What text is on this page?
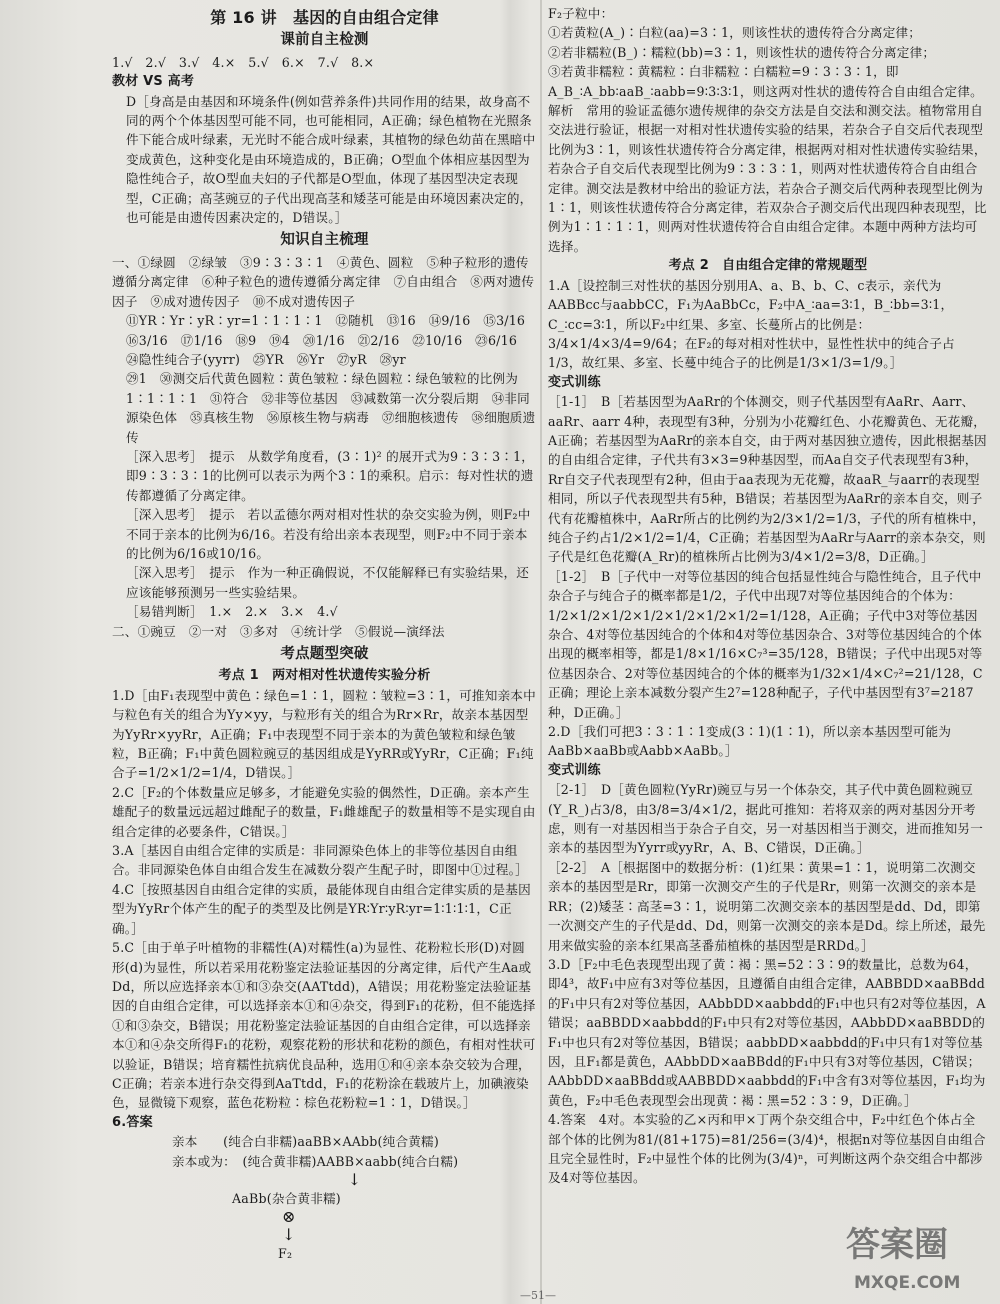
第 16 讲　基因的自由组合定律
课前自主检测

1.√　2.√　3.√　4.×　5.√　6.×　7.√　8.×

教材 VS 高考

D［身高是由基因和环境条件(例如营养条件)共同作用的结果，故身高不同的两个个体基因型可能不同，也可能相同，A正确；绿色植物在光照条件下能合成叶绿素，无光时不能合成叶绿素，其植物的绿色幼苗在黑暗中变成黄色，这种变化是由环境造成的，B正确；O型血个体相应基因型为隐性纯合子，故O型血夫妇的子代都是O型血，体现了基因型决定表现型，C正确；高茎豌豆的子代出现高茎和矮茎可能是由环境因素决定的，也可能是由遗传因素决定的，D错误。］

知识自主梳理

一、①绿圆　②绿皱　③9∶3∶3∶1　④黄色、圆粒　⑤种子粒形的遗传遵循分离定律　⑥种子粒色的遗传遵循分离定律　⑦自由组合　⑧两对遗传因子　⑨成对遗传因子　⑩不成对遗传因子

⑪YR∶Yr∶yR∶yr=1∶1∶1∶1　⑫随机　⑬16　⑭9/16　⑮3/16

⑯3/16　⑰1/16　⑱9　⑲4　⑳1/16　㉑2/16　㉒10/16　㉓6/16

㉔隐性纯合子(yyrr)　㉕YR　㉖Yr　㉗yR　㉘yr

㉙1　㉚测交后代黄色圆粒∶黄色皱粒∶绿色圆粒∶绿色皱粒的比例为1∶1∶1∶1　㉛符合　㉜非等位基因　㉝减数第一次分裂后期　㉞非同源染色体　㉟真核生物　㊱原核生物与病毒　㊲细胞核遗传　㊳细胞质遗传

［深入思考］　提示　从数学角度看，(3∶1)² 的展开式为9∶3∶3∶1，即9∶3∶3∶1的比例可以表示为两个3∶1的乘积。启示：每对性状的遗传都遵循了分离定律。

［深入思考］　提示　若以孟德尔两对相对性状的杂交实验为例，则F₂中不同于亲本的比例为6/16。若没有给出亲本表现型，则F₂中不同于亲本的比例为6/16或10/16。

［深入思考］　提示　作为一种正确假说，不仅能解释已有实验结果，还应该能够预测另一些实验结果。

［易错判断］　1.×　2.×　3.×　4.√

二、①豌豆　②一对　③多对　④统计学　⑤假说—演绎法

考点题型突破
考点 1　两对相对性状遗传实验分析

1.D［由F₁表现型中黄色∶绿色=1∶1，圆粒∶皱粒=3∶1，可推知亲本中与粒色有关的组合为Yy×yy，与粒形有关的组合为Rr×Rr，故亲本基因型为YyRr×yyRr，A正确；F₁中表现型不同于亲本的为黄色皱粒和绿色皱粒，B正确；F₁中黄色圆粒豌豆的基因组成是YyRR或YyRr，C正确；F₁纯合子=1/2×1/2=1/4，D错误。］

2.C［F₂的个体数量应足够多，才能避免实验的偶然性，D正确。亲本产生雄配子的数量远远超过雌配子的数量，F₁雌雄配子的数量相等不是实现自由组合定律的必要条件，C错误。］

3.A［基因自由组合定律的实质是：非同源染色体上的非等位基因自由组合。非同源染色体自由组合发生在减数分裂产生配子时，即图中①过程。］

4.C［按照基因自由组合定律的实质，最能体现自由组合定律实质的是基因型为YyRr个体产生的配子的类型及比例是YR∶Yr∶yR∶yr=1∶1∶1∶1，C正确。］

5.C［由于单子叶植物的非糯性(A)对糯性(a)为显性、花粉粒长形(D)对圆形(d)为显性，所以若采用花粉鉴定法验证基因的分离定律，后代产生Aa或Dd，所以应选择亲本①和③杂交(AATtdd)，A错误；用花粉鉴定法验证基因的自由组合定律，可以选择亲本①和④杂交，得到F₁的花粉，但不能选择①和③杂交，B错误；用花粉鉴定法验证基因的自由组合定律，可以选择亲本①和④杂交所得F₁的花粉，观察花粉的形状和花粉的颜色，有相对性状可以验证，B错误；培育糯性抗病优良品种，选用①和④亲本杂交较为合理，C正确；若亲本进行杂交得到AaTtdd，F₁的花粉涂在载玻片上，加碘液染色，显微镜下观察，蓝色花粉粒∶棕色花粉粒=1∶1，D错误。］

6.答案

亲本　　(纯合白非糯)aaBB×AAbb(纯合黄糯)

亲本或为：　(纯合黄非糯)AABB×aabb(纯合白糯)

↓

AaBb(杂合黄非糯)

⊗
↓

F₂

F₂子粒中：

①若黄粒(A_)∶白粒(aa)=3∶1，则该性状的遗传符合分离定律；

②若非糯粒(B_)∶糯粒(bb)=3∶1，则该性状的遗传符合分离定律；

③若黄非糯粒∶黄糯粒∶白非糯粒∶白糯粒=9∶3∶3∶1，即A_B_∶A_bb∶aaB_∶aabb=9∶3∶3∶1，则这两对性状的遗传符合自由组合定律。

解析　常用的验证孟德尔遗传规律的杂交方法是自交法和测交法。植物常用自交法进行验证，根据一对相对性状遗传实验的结果，若杂合子自交后代表现型比例为3∶1，则该性状遗传符合分离定律，根据两对相对性状遗传实验结果，若杂合子自交后代表现型比例为9∶3∶3∶1，则两对性状遗传符合自由组合定律。测交法是教材中给出的验证方法，若杂合子测交后代两种表现型比例为1∶1，则该性状遗传符合分离定律，若双杂合子测交后代出现四种表现型，比例为1∶1∶1∶1，则两对性状遗传符合自由组合定律。本题中两种方法均可选择。

考点 2　自由组合定律的常规题型

1.A［设控制三对性状的基因分别用A、a、B、b、C、c表示，亲代为AABBcc与aabbCC，F₁为AaBbCc，F₂中A_∶aa=3∶1，B_∶bb=3∶1，C_∶cc=3∶1，所以F₂中红果、多室、长蔓所占的比例是：3/4×1/4×3/4=9/64；在F₂的每对相对性状中，显性性状中的纯合子占1/3，故红果、多室、长蔓中纯合子的比例是1/3×1/3=1/9。］

变式训练

［1-1］　B［若基因型为AaRr的个体测交，则子代基因型有AaRr、Aarr、aaRr、aarr 4种，表现型有3种，分别为小花瓣红色、小花瓣黄色、无花瓣，A正确；若基因型为AaRr的亲本自交，由于两对基因独立遗传，因此根据基因的自由组合定律，子代共有3×3=9种基因型，而Aa自交子代表现型有3种，Rr自交子代表现型有2种，但由于aa表现为无花瓣，故aaR_与aarr的表现型相同，所以子代表现型共有5种，B错误；若基因型为AaRr的亲本自交，则子代有花瓣植株中，AaRr所占的比例约为2/3×1/2=1/3，子代的所有植株中，纯合子约占1/2×1/2=1/4，C正确；若基因型为AaRr与Aarr的亲本杂交，则子代是红色花瓣(A_Rr)的植株所占比例为3/4×1/2=3/8，D正确。］

［1-2］　B［子代中一对等位基因的纯合包括显性纯合与隐性纯合，且子代中杂合子与纯合子的概率都是1/2，子代中出现7对等位基因纯合的个体为：1/2×1/2×1/2×1/2×1/2×1/2×1/2=1/128，A正确；子代中3对等位基因杂合、4对等位基因纯合的个体和4对等位基因杂合、3对等位基因纯合的个体出现的概率相等，都是1/8×1/16×C₇³=35/128，B错误；子代中出现5对等位基因杂合、2对等位基因纯合的个体的概率为1/32×1/4×C₇²=21/128，C正确；理论上亲本减数分裂产生2⁷=128种配子，子代中基因型有3⁷=2187种，D正确。］

2.D［我们可把3∶3∶1∶1变成(3∶1)(1∶1)，所以亲本基因型可能为AaBb×aaBb或Aabb×AaBb。］

变式训练

［2-1］　D［黄色圆粒(YyRr)豌豆与另一个体杂交，其子代中黄色圆粒豌豆(Y_R_)占3/8，由3/8=3/4×1/2，据此可推知：若将双亲的两对基因分开考虑，则有一对基因相当于杂合子自交，另一对基因相当于测交，进而推知另一亲本的基因型为Yyrr或yyRr，A、B、C错误，D正确。］

［2-2］　A［根据图中的数据分析：(1)红果∶黄果=1∶1，说明第二次测交亲本的基因型是Rr，即第一次测交产生的子代是Rr，则第一次测交的亲本是RR；(2)矮茎∶高茎=3∶1，说明第二次测交亲本的基因型是dd、Dd，即第一次测交产生的子代是dd、Dd，则第一次测交的亲本是Dd。综上所述，最先用来做实验的亲本红果高茎番茄植株的基因型是RRDd。］

3.D［F₂中毛色表现型出现了黄∶褐∶黑=52∶3∶9的数量比，总数为64，即4³，故F₁中应有3对等位基因，且遵循自由组合定律，AABBDD×aaBBdd的F₁中只有2对等位基因，AAbbDD×aabbdd的F₁中也只有2对等位基因，A错误；aaBBDD×aabbdd的F₁中只有2对等位基因，AAbbDD×aaBBDD的F₁中也只有2对等位基因，B错误；aabbDD×aabbdd的F₁中只有1对等位基因，且F₁都是黄色，AAbbDD×aaBBdd的F₁中只有3对等位基因，C错误；AAbbDD×aaBBdd或AABBDD×aabbdd的F₁中含有3对等位基因，F₁均为黄色，F₂中毛色表现型会出现黄∶褐∶黑=52∶3∶9，D正确。］

4.答案　4对。本实验的乙×丙和甲×丁两个杂交组合中，F₂中红色个体占全部个体的比例为81/(81+175)=81/256=(3/4)⁴，根据n对等位基因自由组合且完全显性时，F₂中显性个体的比例为(3/4)ⁿ，可判断这两个杂交组合中都涉及4对等位基因。

答案圈
MXQE.COM
—51—
